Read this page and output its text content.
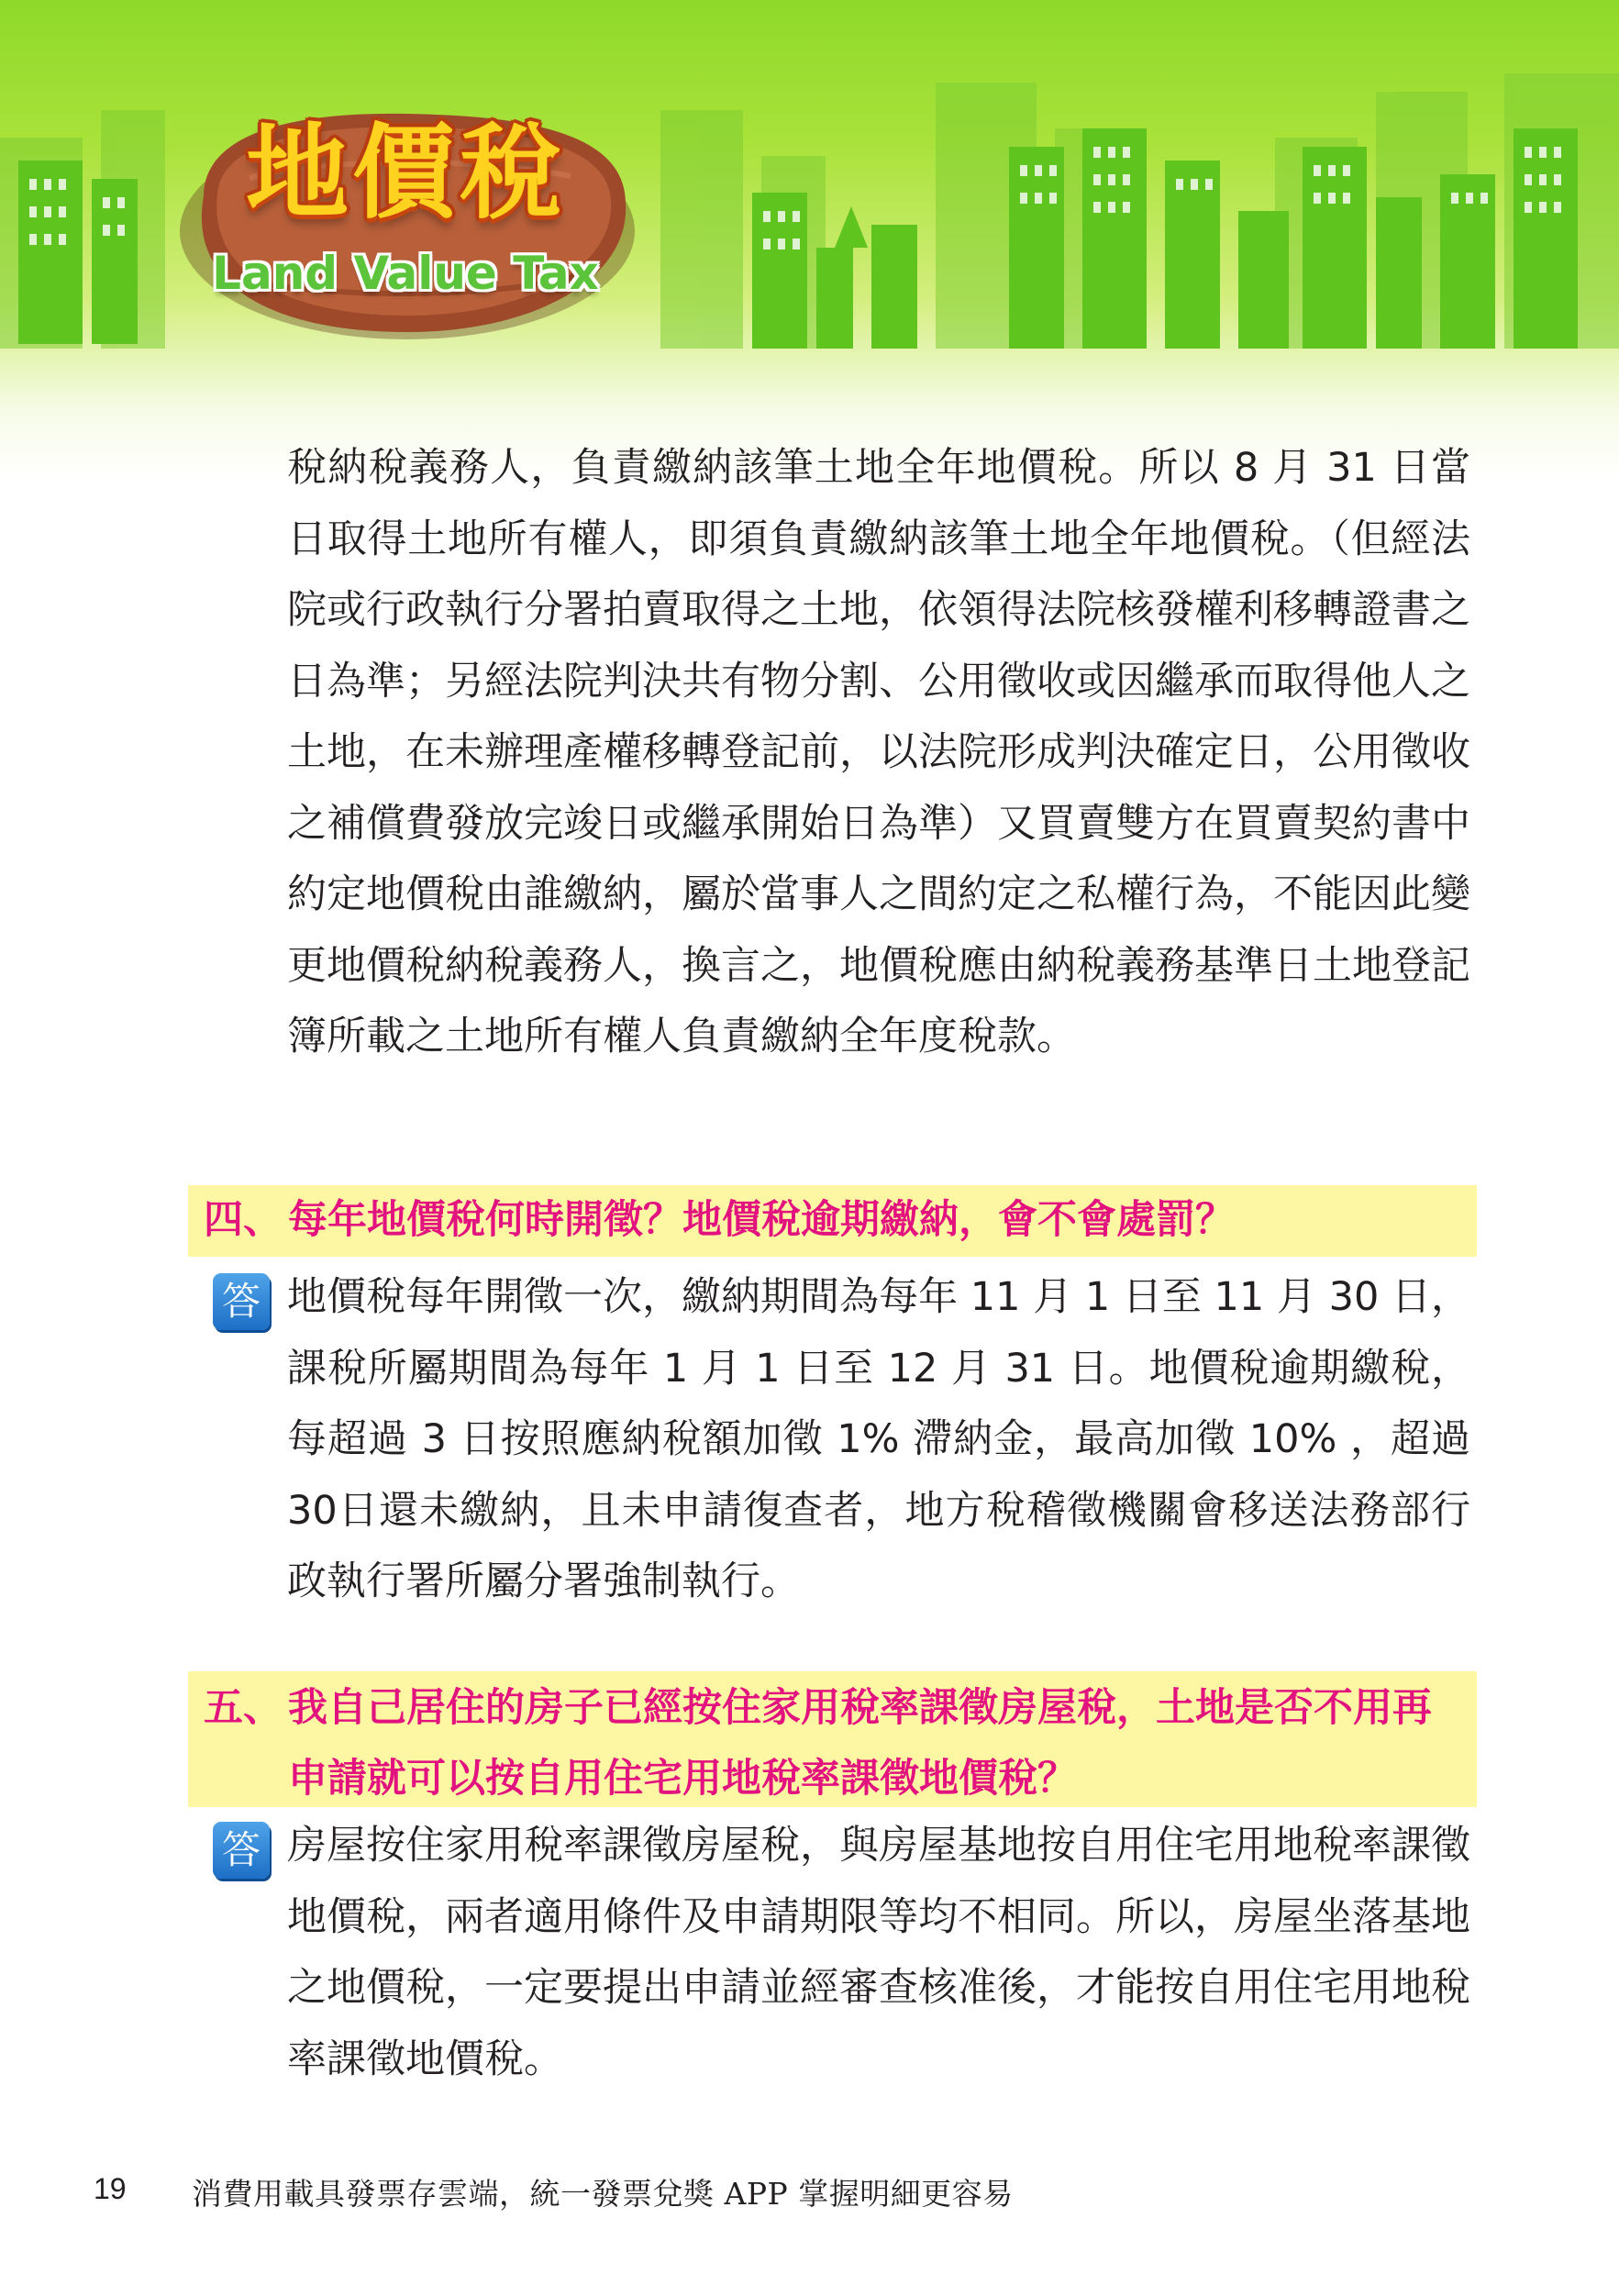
地價稅
Land Value Tax

稅納稅義務人，負責繳納該筆土地全年地價稅。所以 8 月 31 日當日取得土地所有權人，即須負責繳納該筆土地全年地價稅。（但經法院或行政執行分署拍賣取得之土地，依領得法院核發權利移轉證書之日為準；另經法院判決共有物分割、公用徵收或因繼承而取得他人之土地，在未辦理產權移轉登記前，以法院形成判決確定日，公用徵收之補償費發放完竣日或繼承開始日為準）又買賣雙方在買賣契約書中約定地價稅由誰繳納，屬於當事人之間約定之私權行為，不能因此變更地價稅納稅義務人，換言之，地價稅應由納稅義務基準日土地登記簿所載之土地所有權人負責繳納全年度稅款。

四、 每年地價稅何時開徵？地價稅逾期繳納，會不會處罰？
答 地價稅每年開徵一次，繳納期間為每年 11 月 1 日至 11 月 30 日，課稅所屬期間為每年 1 月 1 日至 12 月 31 日。地價稅逾期繳稅，每超過 3 日按照應納稅額加徵 1% 滯納金，最高加徵 10% ，超過30日還未繳納，且未申請復查者，地方稅稽徵機關會移送法務部行政執行署所屬分署強制執行。

五、 我自己居住的房子已經按住家用稅率課徵房屋稅，土地是否不用再申請就可以按自用住宅用地稅率課徵地價稅？
答 房屋按住家用稅率課徵房屋稅，與房屋基地按自用住宅用地稅率課徵地價稅，兩者適用條件及申請期限等均不相同。所以，房屋坐落基地之地價稅，一定要提出申請並經審查核准後，才能按自用住宅用地稅率課徵地價稅。

19 消費用載具發票存雲端，統一發票兌獎 APP 掌握明細更容易
